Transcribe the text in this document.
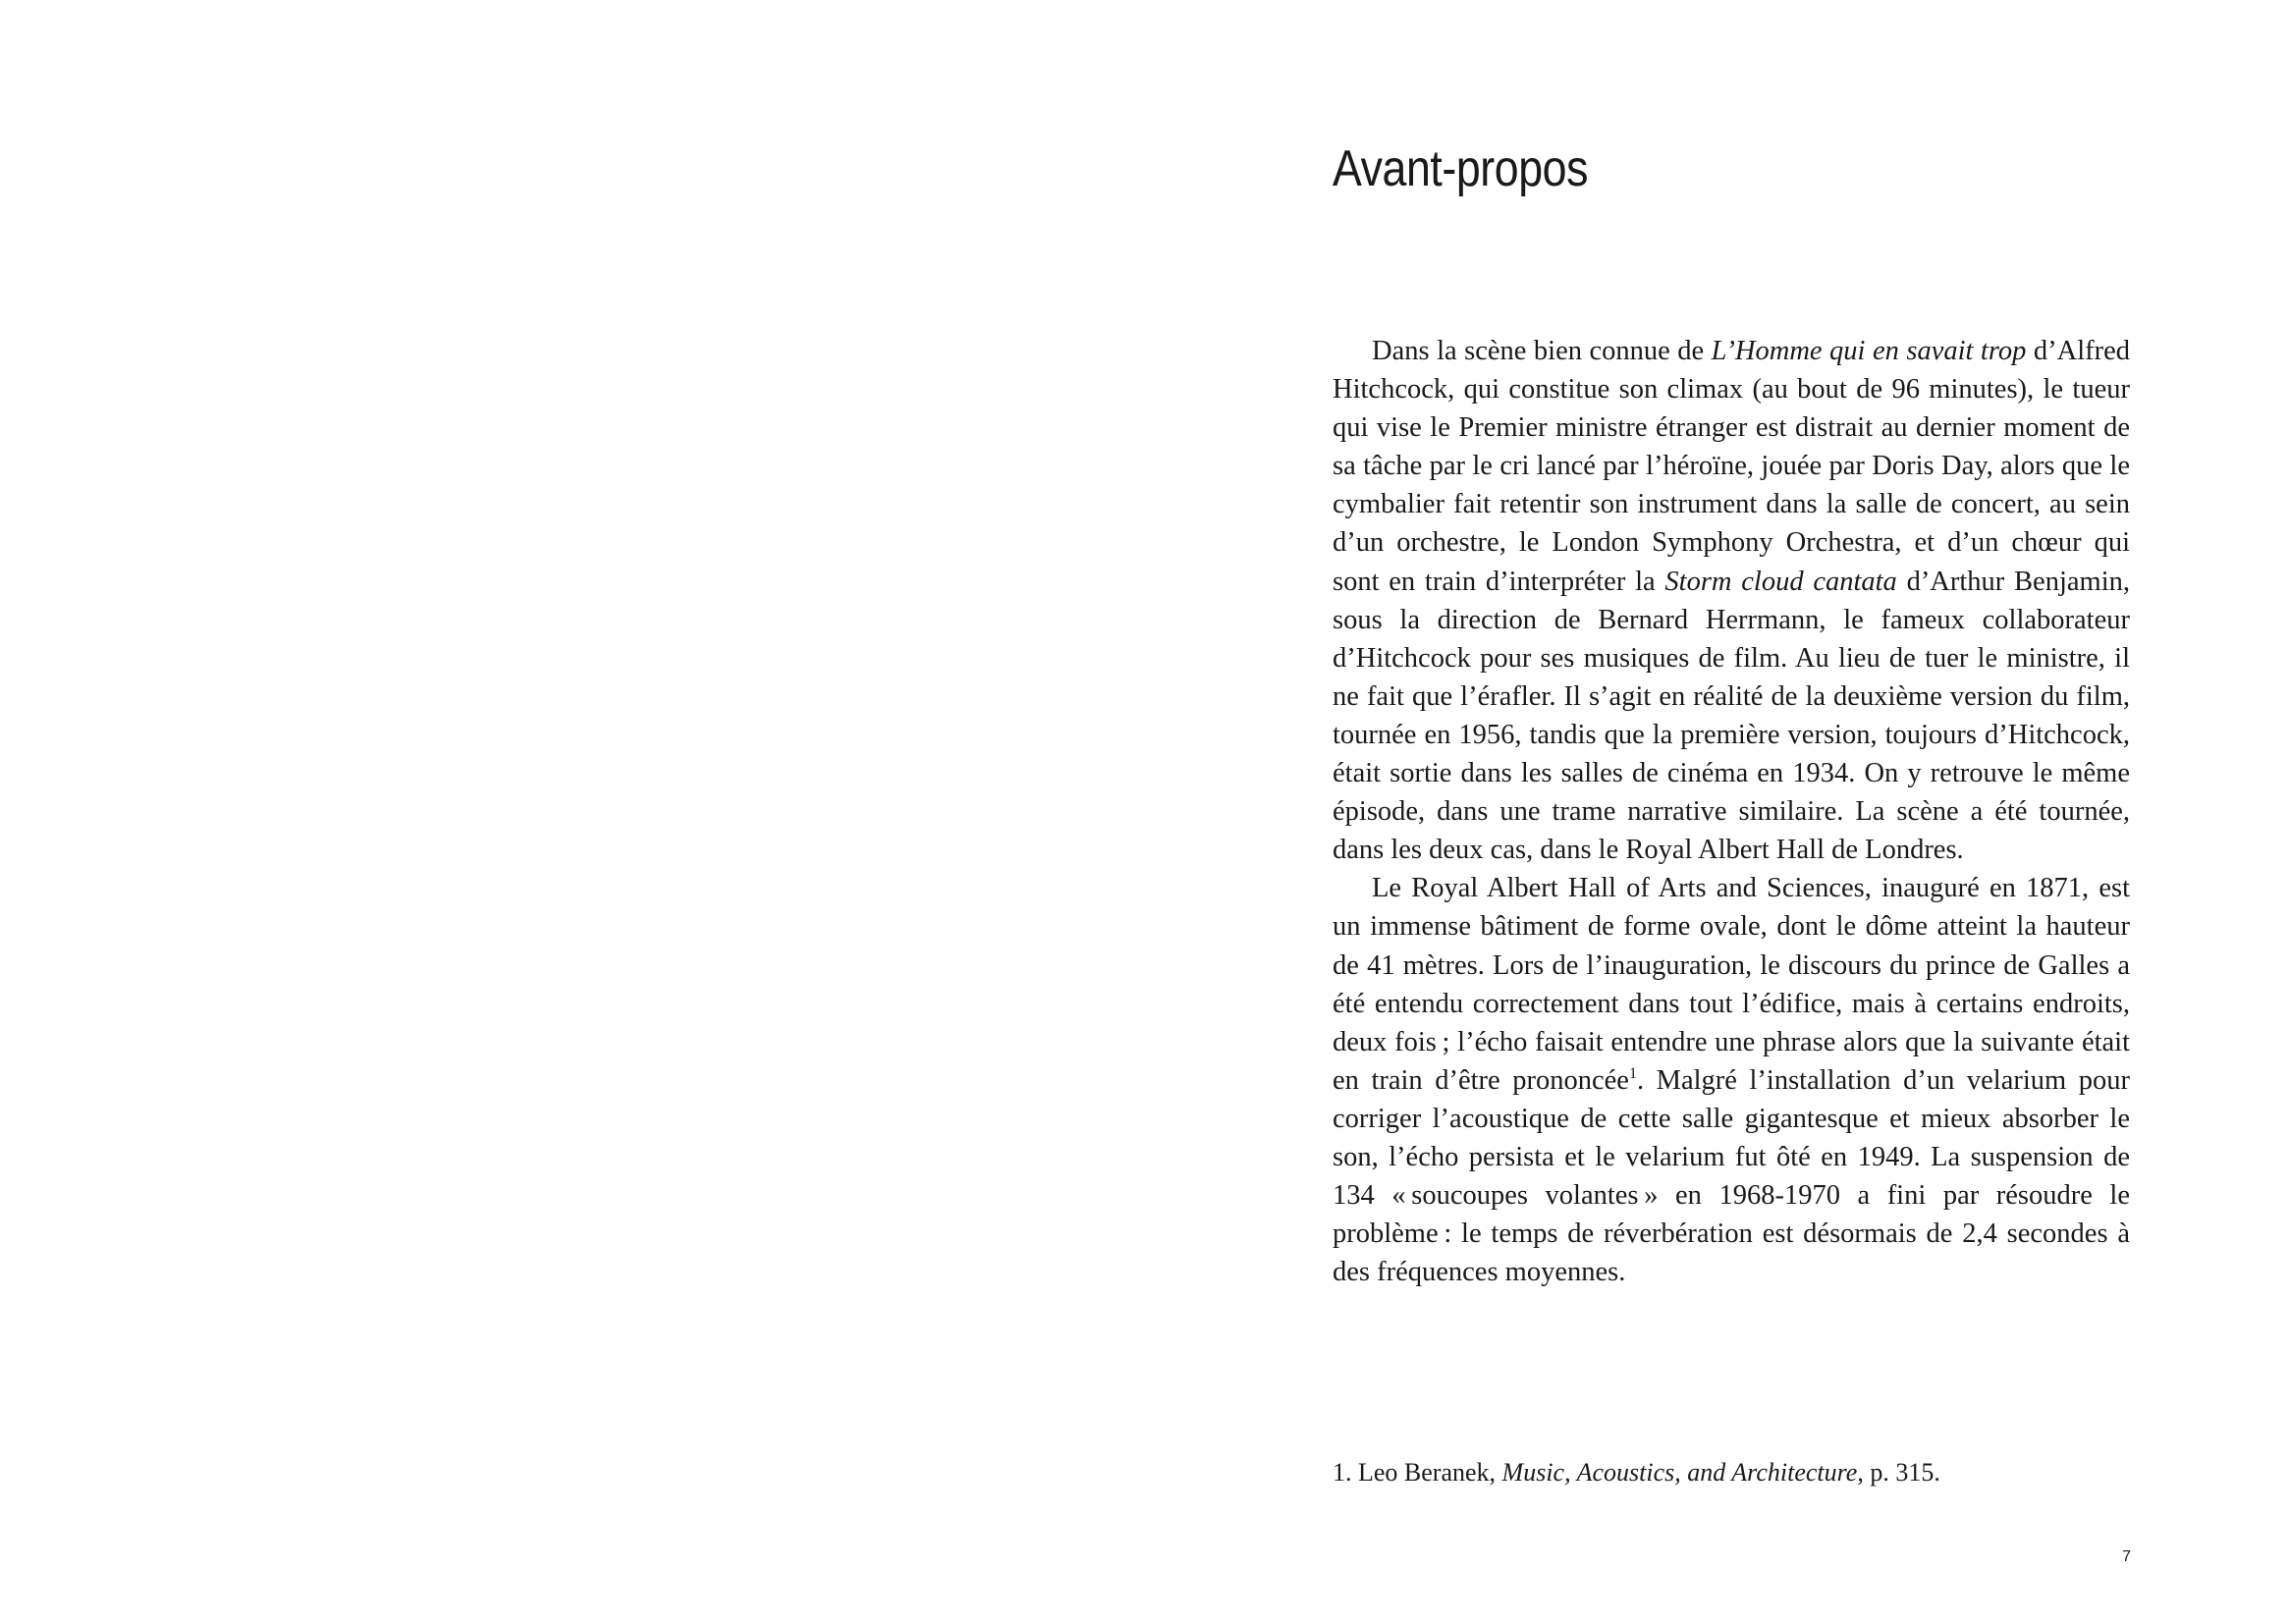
Avant-propos

Dans la scène bien connue de L’Homme qui en savait trop d’Alfred Hitchcock, qui constitue son climax (au bout de 96 minutes), le tueur qui vise le Premier ministre étranger est distrait au dernier moment de sa tâche par le cri lancé par l’héroïne, jouée par Doris Day, alors que le cymbalier fait retentir son instrument dans la salle de concert, au sein d’un orchestre, le London Symphony Orchestra, et d’un chœur qui sont en train d’interpréter la Storm cloud cantata d’Arthur Benjamin, sous la direction de Bernard Herrmann, le fameux collaborateur d’Hitchcock pour ses musiques de film. Au lieu de tuer le ministre, il ne fait que l’érafler. Il s’agit en réalité de la deuxième version du film, tournée en 1956, tandis que la première version, toujours d’Hitchcock, était sortie dans les salles de cinéma en 1934. On y retrouve le même épisode, dans une trame narrative similaire. La scène a été tournée, dans les deux cas, dans le Royal Albert Hall de Londres.

Le Royal Albert Hall of Arts and Sciences, inauguré en 1871, est un immense bâtiment de forme ovale, dont le dôme atteint la hauteur de 41 mètres. Lors de l’inauguration, le discours du prince de Galles a été entendu correctement dans tout l’édifice, mais à certains endroits, deux fois ; l’écho faisait entendre une phrase alors que la suivante était en train d’être prononcée$^1$. Malgré l’installation d’un velarium pour corriger l’acoustique de cette salle gigantesque et mieux absorber le son, l’écho persista et le velarium fut ôté en 1949. La suspension de 134 « soucoupes volantes » en 1968-1970 a fini par résoudre le problème : le temps de réverbération est désormais de 2,4 secondes à des fréquences moyennes.

1. Leo Beranek, Music, Acoustics, and Architecture, p. 315.
7
